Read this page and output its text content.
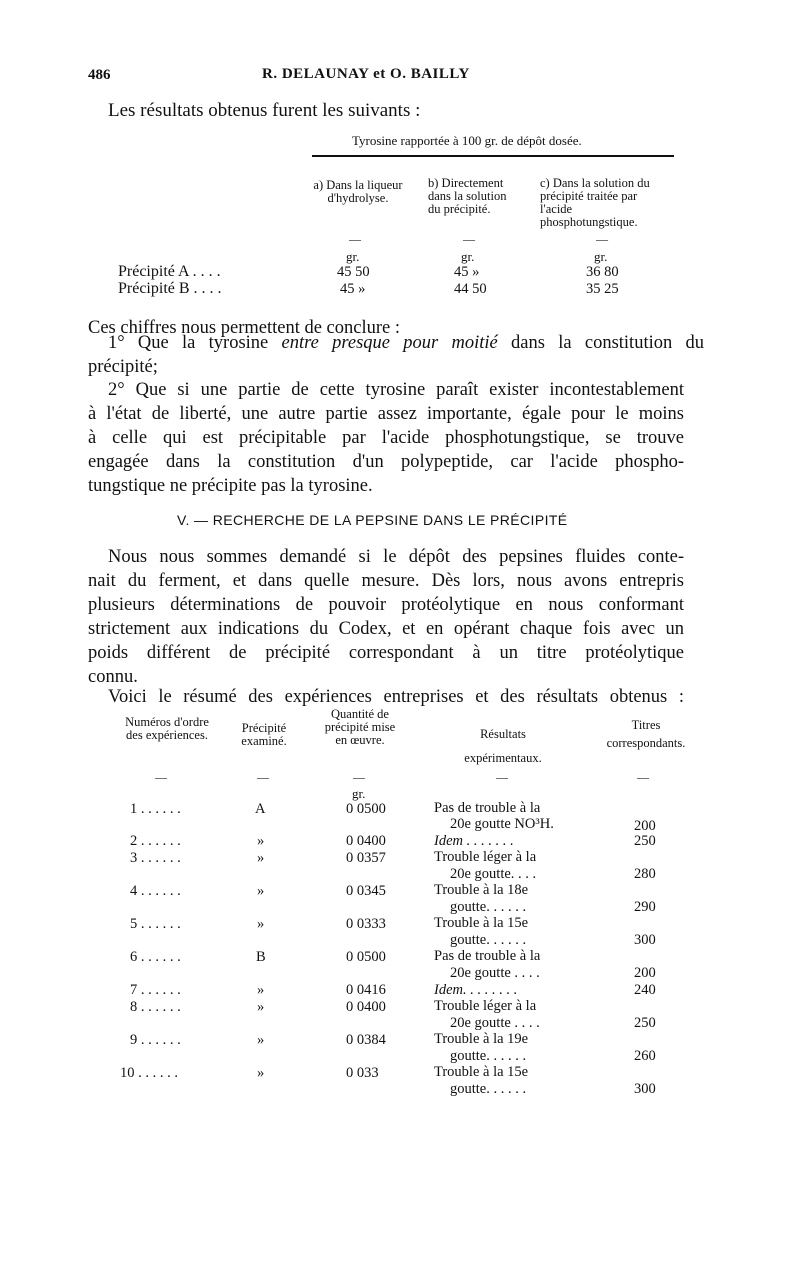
486	R. DELAUNAY et O. BAILLY
Les résultats obtenus furent les suivants :
Tyrosine rapportée à 100 gr. de dépôt dosée.
a) Dans la liqueur d'hydrolyse.
b) Directement dans la solution du précipité.
c) Dans la solution du précipité traitée par l'acide phosphotungstique.
—	—	—
gr.	gr.	gr.
Précipité A . . . .	45 50	45 »	36 80
Précipité B . . . .	45 »	44 50	35 25
Ces chiffres nous permettent de conclure :
1° Que la tyrosine entre presque pour moitié dans la constitution du
précipité;
2° Que si une partie de cette tyrosine paraît exister incontestablement
à l'état de liberté, une autre partie assez importante, égale pour le moins
à celle qui est précipitable par l'acide phosphotungstique, se trouve
engagée dans la constitution d'un polypeptide, car l'acide phospho-
tungstique ne précipite pas la tyrosine.
V. — RECHERCHE DE LA PEPSINE DANS LE PRÉCIPITÉ
Nous nous sommes demandé si le dépôt des pepsines fluides conte-
nait du ferment, et dans quelle mesure. Dès lors, nous avons entrepris
plusieurs déterminations de pouvoir protéolytique en nous conformant
strictement aux indications du Codex, et en opérant chaque fois avec un
poids différent de précipité correspondant à un titre protéolytique
connu.
Voici le résumé des expériences entreprises et des résultats obtenus :
Numéros d'ordre des expériences.	Précipité examiné.
Quantité de précipité mise en œuvre.	Résultats expérimentaux.
Titres correspondants.
—	—	—	—	—
gr.
1 . . . . . .	A	0 0500	Pas de trouble à la
20e goutte NO³H.	200
2 . . . . . .	»	0 0400	Idem . . . . . . .	250
3 . . . . . .	»	0 0357	Trouble léger à la
20e goutte. . . .	280
4 . . . . . .	»	0 0345	Trouble à la 18e
goutte. . . . . .	290
5 . . . . . .	»	0 0333	Trouble à la 15e
goutte. . . . . .	300
6 . . . . . .	B	0 0500	Pas de trouble à la
20e goutte . . . .	200
7 . . . . . .	»	0 0416	Idem. . . . . . . .	240
8 . . . . . .	»	0 0400	Trouble léger à la
20e goutte . . . .	250
9 . . . . . .	»	0 0384	Trouble à la 19e
goutte. . . . . .	260
10 . . . . . .	»	0 033	Trouble à la 15e
goutte. . . . . .	300
